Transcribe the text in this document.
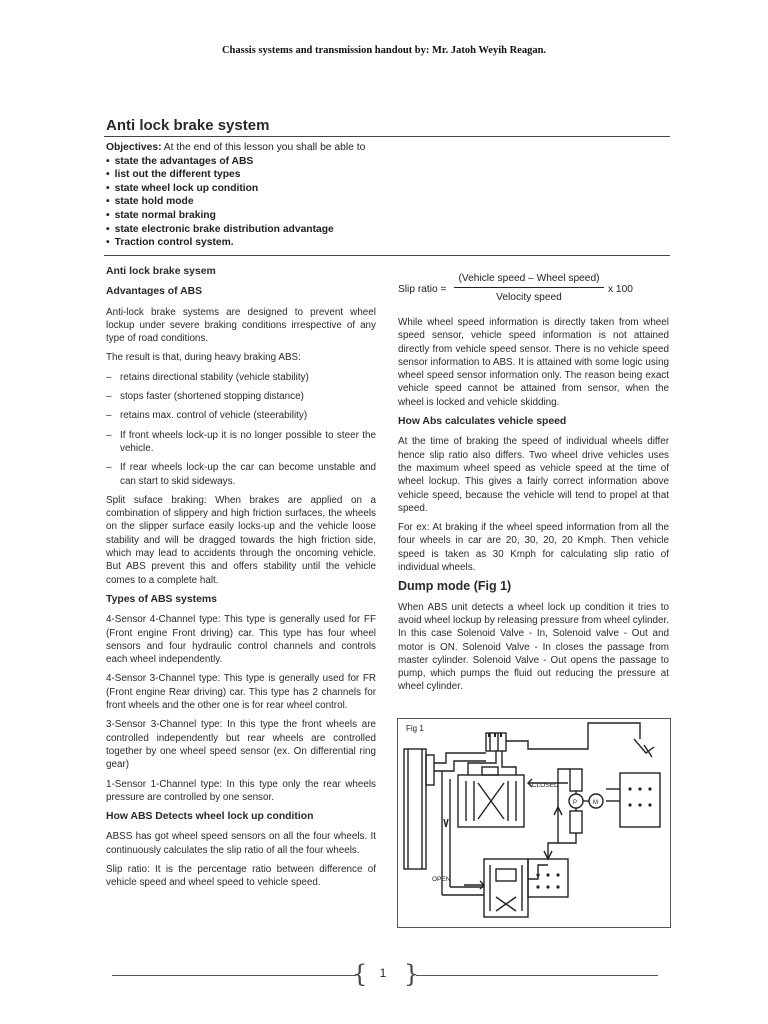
Chassis systems and transmission handout by: Mr. Jatoh Weyih Reagan.
Anti lock brake system
Objectives: At the end of this lesson you shall be able to
• state the advantages of ABS
• list out the different types
• state wheel lock up condition
• state hold mode
• state normal braking
• state electronic brake distribution advantage
• Traction control system.
Anti lock brake sysem
Advantages of ABS

Anti-lock brake systems are designed to prevent wheel lockup under severe braking conditions irrespective of any type of road conditions.

The result is that, during heavy braking ABS:

– retains directional stability (vehicle stability)
– stops faster (shortened stopping distance)
– retains max. control of vehicle (steerability)
– If front wheels lock-up it is no longer possible to steer the vehicle.
– If rear wheels lock-up the car can become unstable and can start to skid sideways.

Split suface braking: When brakes are applied on a combination of slippery and high friction surfaces, the wheels on the slipper surface easily locks-up and the vehicle loose stability and will be dragged towards the high friction side, which may lead to accidents through the oncoming vehicle. But ABS prevent this and offers stability until the vehicle comes to a complete halt.

Types of ABS systems

4-Sensor 4-Channel type: This type is generally used for FF (Front engine Front driving) car. This type has four wheel sensors and four hydraulic control channels and controls each wheel independently.

4-Sensor 3-Channel type: This type is generally used for FR (Front engine Rear driving) car. This type has 2 channels for front wheels and the other one is for rear wheel control.

3-Sensor 3-Channel type: In this type the front wheels are controlled independently but rear wheels are controlled together by one wheel speed sensor (ex. On differential ring gear)

1-Sensor 1-Channel type: In this type only the rear wheels pressure are controlled by one sensor.

How ABS Detects wheel lock up condition

ABSS has got wheel speed sensors on all the four wheels. It continuously calculates the slip ratio of all the four wheels.

Slip ratio: It is the percentage ratio between difference of vehicle speed and wheel speed to vehicle speed.

Slip ratio =
(Vehicle speed – Wheel speed)
Velocity speed
x 100

While wheel speed information is directly taken from wheel speed sensor, vehicle speed information is not attained directly from vehicle speed sensor. There is no vehicle speed sensor information to ABS. It is attained with some logic using wheel speed sensor information only. The reason being exact vehicle speed cannot be attained from sensor, when the wheel is locked and vehicle skidding.

How Abs calculates vehicle speed

At the time of braking the speed of individual wheels differ hence slip ratio also differs. Two wheel drive vehicles uses the maximum wheel speed as vehicle speed at the time of wheel lockup. This gives a fairly correct information above vehicle speed, because the vehicle will tend to propel at that speed.

For ex: At braking if the wheel speed information from all the four wheels in car are 20, 30, 20, 20 Kmph. Then vehicle speed is taken as 30 Kmph for calculating slip ratio of individual wheels.

Dump mode (Fig 1)

When ABS unit detects a wheel lock up condition it tries to avoid wheel lockup by releasing pressure from wheel cylinder. In this case Solenoid Valve - In, Solenoid valve - Out and motor is ON. Solenoid Valve - In closes the passage from master cylinder. Solenoid Valve - Out opens the passage to pump, which pumps the fluid out reducing the pressure at wheel cylinder.

Fig 1
CLOSED
OPEN
P	M
{	1 }
